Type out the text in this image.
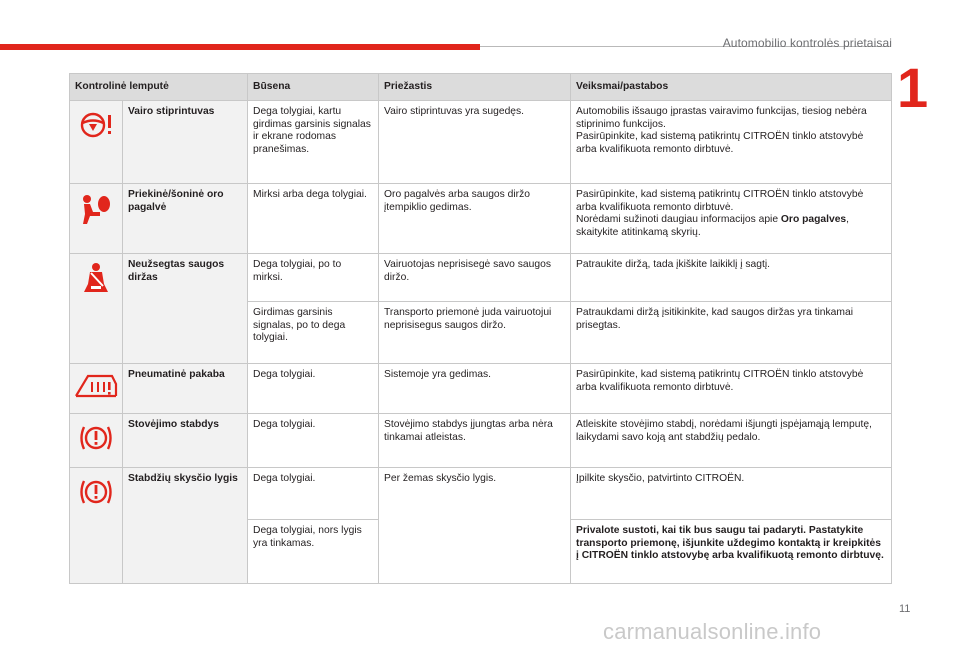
Automobilio kontrolės prietaisai
1
Kontrolinė lemputė		Būsena	Priežastis	Veiksmai/pastabos

	Vairo stiprintuvas	Dega tolygiai, kartu girdimas garsinis signalas ir ekrane rodomas pranešimas.	Vairo stiprintuvas yra sugedęs.	Automobilis išsaugo įprastas vairavimo funkcijas, tiesiog nebėra stiprinimo funkcijos.
Pasirūpinkite, kad sistemą patikrintų CITROËN tinklo atstovybė arba kvalifikuota remonto dirbtuvė.

	Priekinė/šoninė oro pagalvė	Mirksi arba dega tolygiai.	Oro pagalvės arba saugos diržo įtempiklio gedimas.	Pasirūpinkite, kad sistemą patikrintų CITROËN tinklo atstovybė arba kvalifikuota remonto dirbtuvė.
Norėdami sužinoti daugiau informacijos apie Oro pagalves, skaitykite atitinkamą skyrių.

	Neužsegtas saugos diržas	Dega tolygiai, po to mirksi.	Vairuotojas neprisisegė savo saugos diržo.	Patraukite diržą, tada įkiškite laikiklį į sagtį.
		Girdimas garsinis signalas, po to dega tolygiai.	Transporto priemonė juda vairuotojui neprisisegus saugos diržo.	Patraukdami diržą įsitikinkite, kad saugos diržas yra tinkamai prisegtas.

	Pneumatinė pakaba	Dega tolygiai.	Sistemoje yra gedimas.	Pasirūpinkite, kad sistemą patikrintų CITROËN tinklo atstovybė arba kvalifikuota remonto dirbtuvė.

	Stovėjimo stabdys	Dega tolygiai.	Stovėjimo stabdys įjungtas arba nėra tinkamai atleistas.	Atleiskite stovėjimo stabdį, norėdami išjungti įspėjamąją lemputę, laikydami savo koją ant stabdžių pedalo.

	Stabdžių skysčio lygis	Dega tolygiai.	Per žemas skysčio lygis.	Įpilkite skysčio, patvirtinto CITROËN.
		Dega tolygiai, nors lygis yra tinkamas.		Privalote sustoti, kai tik bus saugu tai padaryti. Pastatykite transporto priemonę, išjunkite uždegimo kontaktą ir kreipkitės į CITROËN tinklo atstovybę arba kvalifikuotą remonto dirbtuvę.
11
carmanualsonline.info
